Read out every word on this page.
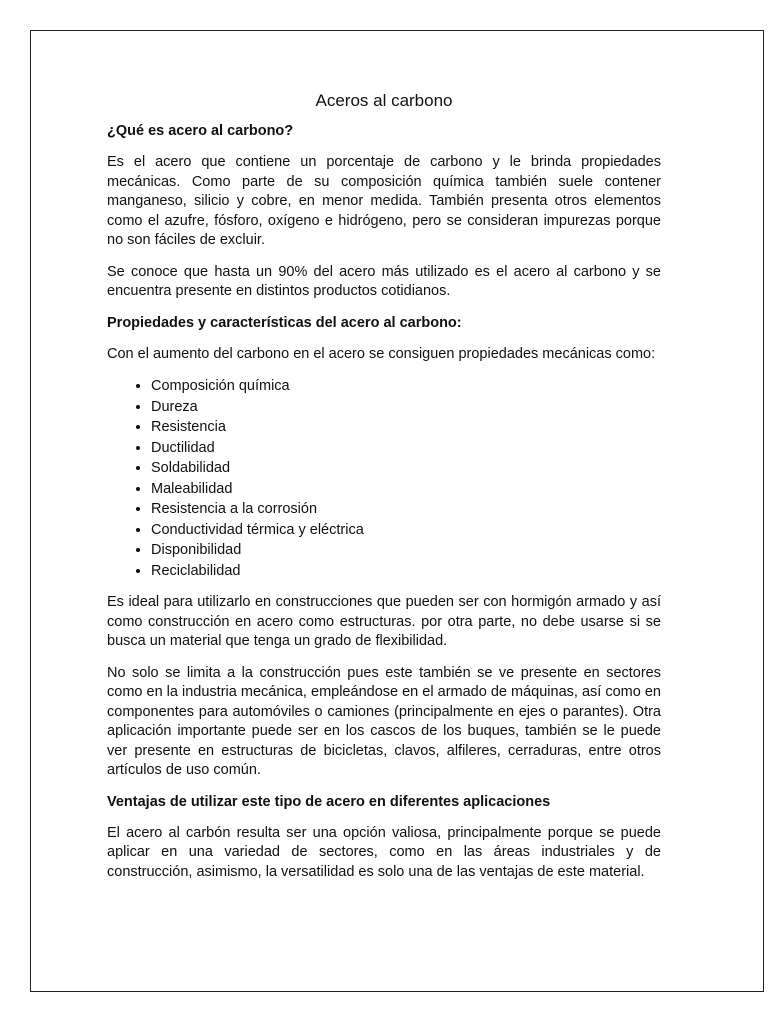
Aceros al carbono
¿Qué es acero al carbono?

Es el acero que contiene un porcentaje de carbono y le brinda propiedades mecánicas. Como parte de su composición química también suele contener manganeso, silicio y cobre, en menor medida. También presenta otros elementos como el azufre, fósforo, oxígeno e hidrógeno, pero se consideran impurezas porque no son fáciles de excluir.

Se conoce que hasta un 90% del acero más utilizado es el acero al carbono y se encuentra presente en distintos productos cotidianos.

Propiedades y características del acero al carbono:

Con el aumento del carbono en el acero se consiguen propiedades mecánicas como:

• Composición química
• Dureza
• Resistencia
• Ductilidad
• Soldabilidad
• Maleabilidad
• Resistencia a la corrosión
• Conductividad térmica y eléctrica
• Disponibilidad
• Reciclabilidad

Es ideal para utilizarlo en construcciones que pueden ser con hormigón armado y así como construcción en acero como estructuras. por otra parte, no debe usarse si se busca un material que tenga un grado de flexibilidad.

No solo se limita a la construcción pues este también se ve presente en sectores como en la industria mecánica, empleándose en el armado de máquinas, así como en componentes para automóviles o camiones (principalmente en ejes o parantes). Otra aplicación importante puede ser en los cascos de los buques, también se le puede ver presente en estructuras de bicicletas, clavos, alfileres, cerraduras, entre otros artículos de uso común.

Ventajas de utilizar este tipo de acero en diferentes aplicaciones

El acero al carbón resulta ser una opción valiosa, principalmente porque se puede aplicar en una variedad de sectores, como en las áreas industriales y de construcción, asimismo, la versatilidad es solo una de las ventajas de este material.
